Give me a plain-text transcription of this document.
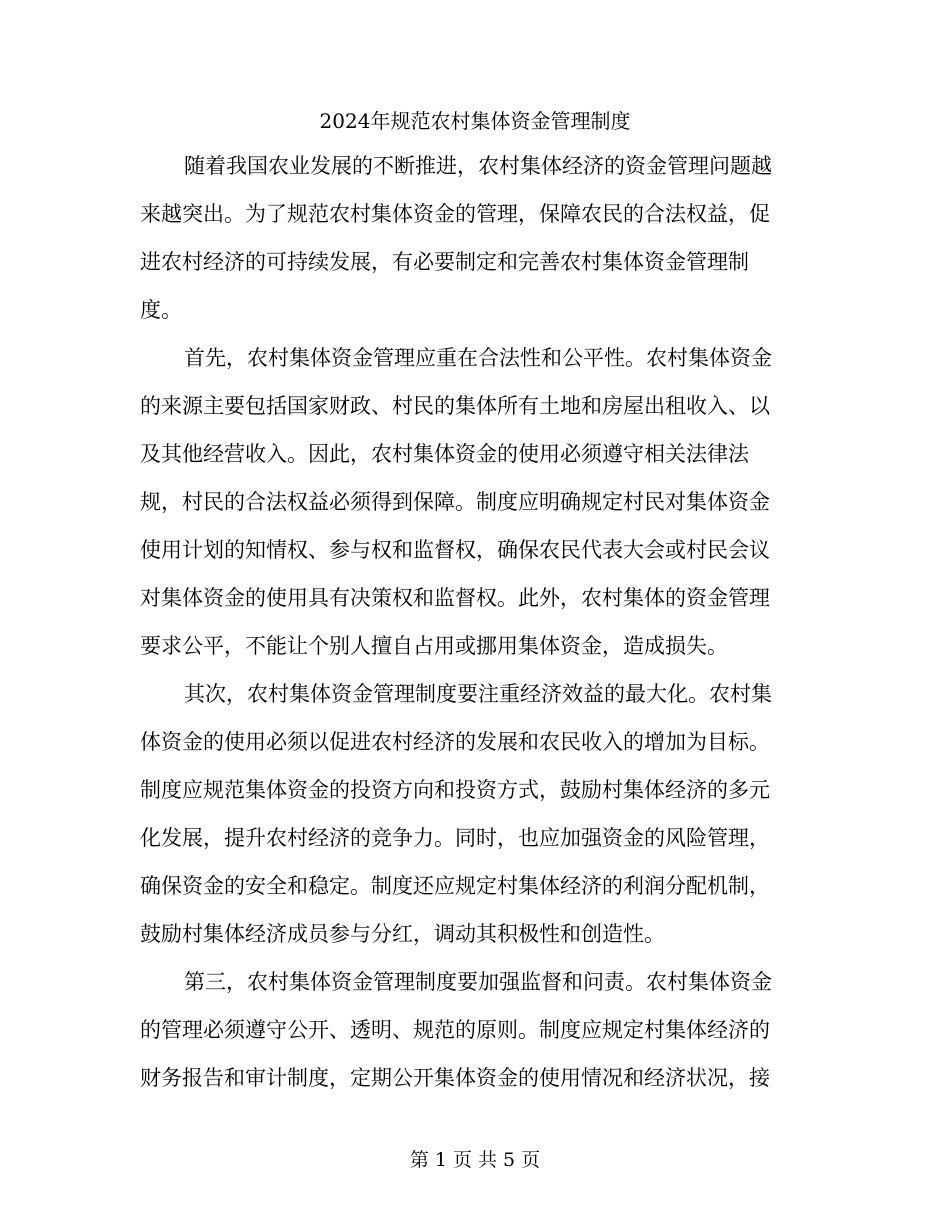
2024年规范农村集体资金管理制度
随着我国农业发展的不断推进，农村集体经济的资金管理问题越
来越突出。为了规范农村集体资金的管理，保障农民的合法权益，促
进农村经济的可持续发展，有必要制定和完善农村集体资金管理制
度。
首先，农村集体资金管理应重在合法性和公平性。农村集体资金
的来源主要包括国家财政、村民的集体所有土地和房屋出租收入、以
及其他经营收入。因此，农村集体资金的使用必须遵守相关法律法
规，村民的合法权益必须得到保障。制度应明确规定村民对集体资金
使用计划的知情权、参与权和监督权，确保农民代表大会或村民会议
对集体资金的使用具有决策权和监督权。此外，农村集体的资金管理
要求公平，不能让个别人擅自占用或挪用集体资金，造成损失。
其次，农村集体资金管理制度要注重经济效益的最大化。农村集
体资金的使用必须以促进农村经济的发展和农民收入的增加为目标。
制度应规范集体资金的投资方向和投资方式，鼓励村集体经济的多元
化发展，提升农村经济的竞争力。同时，也应加强资金的风险管理，
确保资金的安全和稳定。制度还应规定村集体经济的利润分配机制，
鼓励村集体经济成员参与分红，调动其积极性和创造性。
第三，农村集体资金管理制度要加强监督和问责。农村集体资金
的管理必须遵守公开、透明、规范的原则。制度应规定村集体经济的
财务报告和审计制度，定期公开集体资金的使用情况和经济状况，接
第 1 页 共 5 页
